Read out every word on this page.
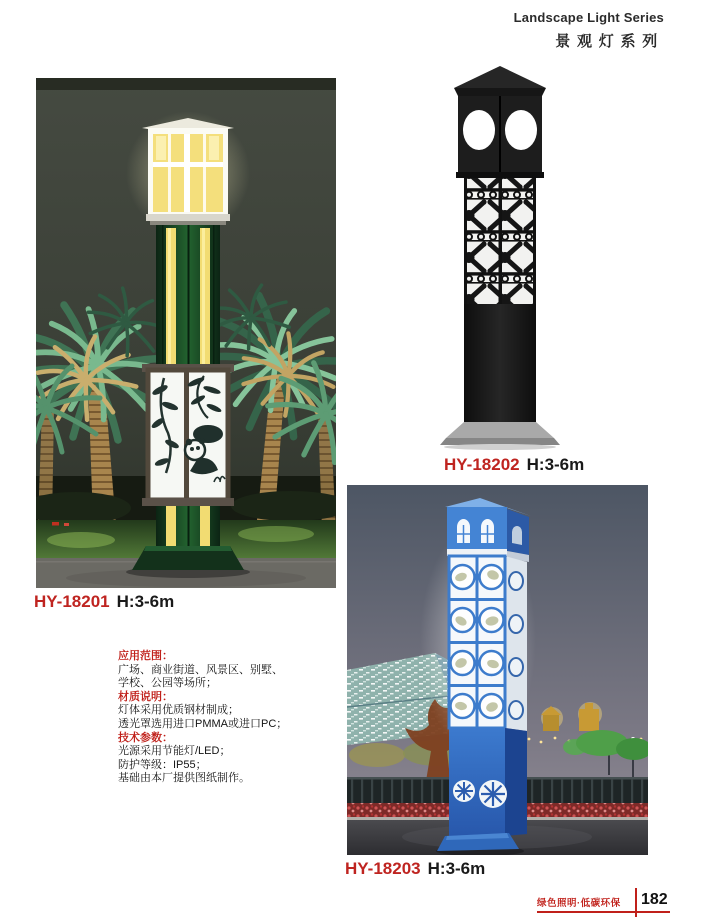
Landscape Light Series
景观灯系列
HY-18201 H:3-6m
HY-18202 H:3-6m
应用范围：
广场、商业街道、风景区、别墅、
学校、公园等场所；
材质说明：
灯体采用优质钢材制成；
透光罩选用进口PMMA或进口PC；
技术参数：
光源采用节能灯/LED；
防护等级：IP55；
基础由本厂提供图纸制作。
HY-18203 H:3-6m
绿色照明·低碳环保 182
